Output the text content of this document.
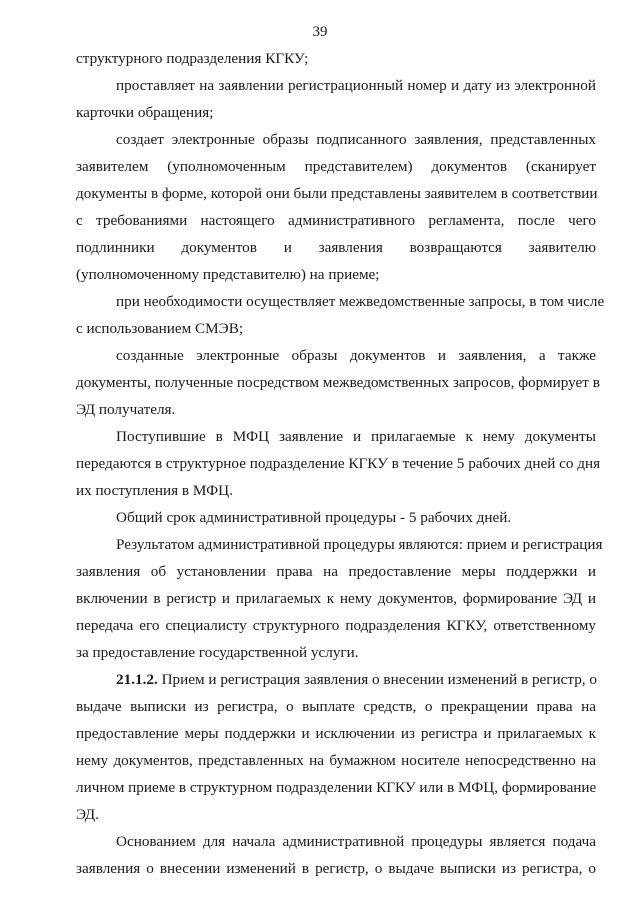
39
структурного подразделения КГКУ;
проставляет на заявлении регистрационный номер и дату из электронной
карточки обращения;
создает электронные образы подписанного заявления, представленных
заявителем (уполномоченным представителем) документов (сканирует
документы в форме, которой они были представлены заявителем в соответствии
с требованиями настоящего административного регламента, после чего
подлинники документов и заявления возвращаются заявителю
(уполномоченному представителю) на приеме;
при необходимости осуществляет межведомственные запросы, в том числе
с использованием СМЭВ;
созданные электронные образы документов и заявления, а также
документы, полученные посредством межведомственных запросов, формирует в
ЭД получателя.
Поступившие в МФЦ заявление и прилагаемые к нему документы
передаются в структурное подразделение КГКУ в течение 5 рабочих дней со дня
их поступления в МФЦ.
Общий срок административной процедуры - 5 рабочих дней.
Результатом административной процедуры являются: прием и регистрация
заявления об установлении права на предоставление меры поддержки и
включении в регистр и прилагаемых к нему документов, формирование ЭД и
передача его специалисту структурного подразделения КГКУ, ответственному
за предоставление государственной услуги.
21.1.2. Прием и регистрация заявления о внесении изменений в регистр, о
выдаче выписки из регистра, о выплате средств, о прекращении права на
предоставление меры поддержки и исключении из регистра и прилагаемых к
нему документов, представленных на бумажном носителе непосредственно на
личном приеме в структурном подразделении КГКУ или в МФЦ, формирование
ЭД.
Основанием для начала административной процедуры является подача
заявления о внесении изменений в регистр, о выдаче выписки из регистра, о
